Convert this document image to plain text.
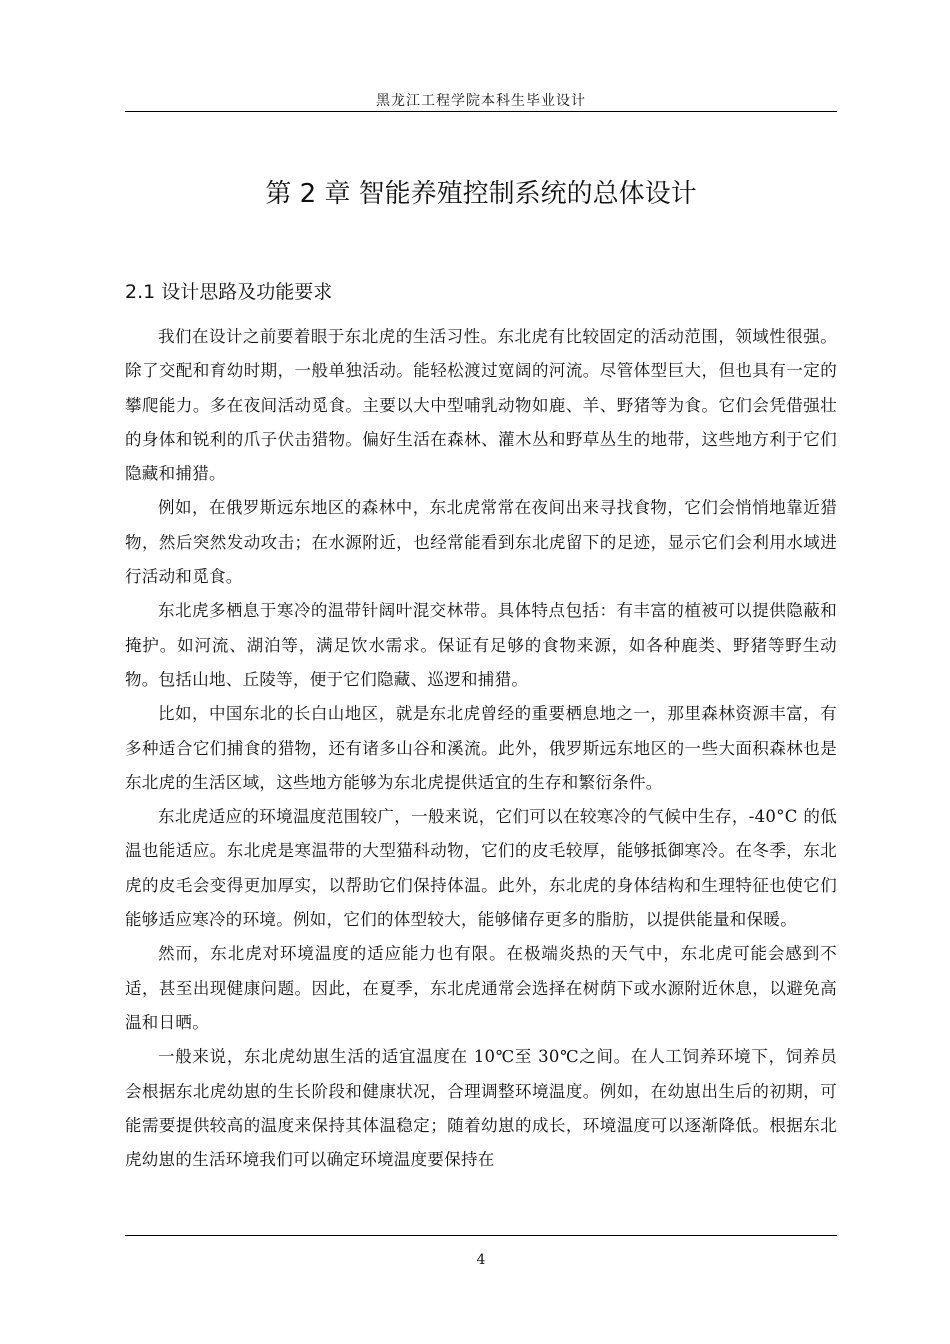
黑龙江工程学院本科生毕业设计
第 2 章 智能养殖控制系统的总体设计
2.1 设计思路及功能要求

我们在设计之前要着眼于东北虎的生活习性。东北虎有比较固定的活动范围，领域性很强。除了交配和育幼时期，一般单独活动。能轻松渡过宽阔的河流。尽管体型巨大，但也具有一定的攀爬能力。多在夜间活动觅食。主要以大中型哺乳动物如鹿、羊、野猪等为食。它们会凭借强壮的身体和锐利的爪子伏击猎物。偏好生活在森林、灌木丛和野草丛生的地带，这些地方利于它们隐藏和捕猎。

例如，在俄罗斯远东地区的森林中，东北虎常常在夜间出来寻找食物，它们会悄悄地靠近猎物，然后突然发动攻击；在水源附近，也经常能看到东北虎留下的足迹，显示它们会利用水域进行活动和觅食。

东北虎多栖息于寒冷的温带针阔叶混交林带。具体特点包括：有丰富的植被可以提供隐蔽和掩护。如河流、湖泊等，满足饮水需求。保证有足够的食物来源，如各种鹿类、野猪等野生动物。包括山地、丘陵等，便于它们隐藏、巡逻和捕猎。

比如，中国东北的长白山地区，就是东北虎曾经的重要栖息地之一，那里森林资源丰富，有多种适合它们捕食的猎物，还有诸多山谷和溪流。此外，俄罗斯远东地区的一些大面积森林也是东北虎的生活区域，这些地方能够为东北虎提供适宜的生存和繁衍条件。

东北虎适应的环境温度范围较广，一般来说，它们可以在较寒冷的气候中生存，-40°C 的低温也能适应。东北虎是寒温带的大型猫科动物，它们的皮毛较厚，能够抵御寒冷。在冬季，东北虎的皮毛会变得更加厚实，以帮助它们保持体温。此外，东北虎的身体结构和生理特征也使它们能够适应寒冷的环境。例如，它们的体型较大，能够储存更多的脂肪，以提供能量和保暖。

然而，东北虎对环境温度的适应能力也有限。在极端炎热的天气中，东北虎可能会感到不适，甚至出现健康问题。因此，在夏季，东北虎通常会选择在树荫下或水源附近休息，以避免高温和日晒。

一般来说，东北虎幼崽生活的适宜温度在 10℃至 30℃之间。在人工饲养环境下，饲养员会根据东北虎幼崽的生长阶段和健康状况，合理调整环境温度。例如，在幼崽出生后的初期，可能需要提供较高的温度来保持其体温稳定；随着幼崽的成长，环境温度可以逐渐降低。根据东北虎幼崽的生活环境我们可以确定环境温度要保持在

4
